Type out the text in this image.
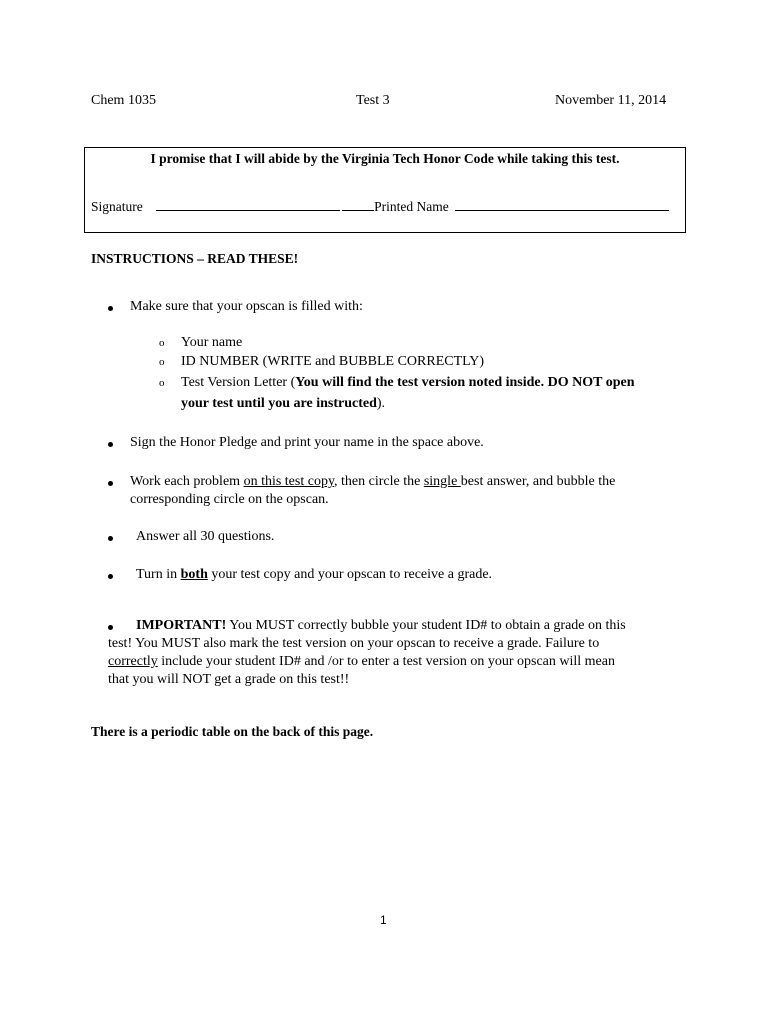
Chem 1035	Test 3	November 11, 2014
I promise that I will abide by the Virginia Tech Honor Code while taking this test.
Signature	Printed Name
INSTRUCTIONS – READ THESE!
Make sure that your opscan is filled with:
o Your name
o ID NUMBER (WRITE and BUBBLE CORRECTLY)
o Test Version Letter (You will find the test version noted inside. DO NOT open
your test until you are instructed).
Sign the Honor Pledge and print your name in the space above.
Work each problem on this test copy, then circle the single best answer, and bubble the
corresponding circle on the opscan.
Answer all 30 questions.
Turn in both your test copy and your opscan to receive a grade.
IMPORTANT! You MUST correctly bubble your student ID# to obtain a grade on this
test! You MUST also mark the test version on your opscan to receive a grade. Failure to
correctly include your student ID# and /or to enter a test version on your opscan will mean
that you will NOT get a grade on this test!!
There is a periodic table on the back of this page.
1
